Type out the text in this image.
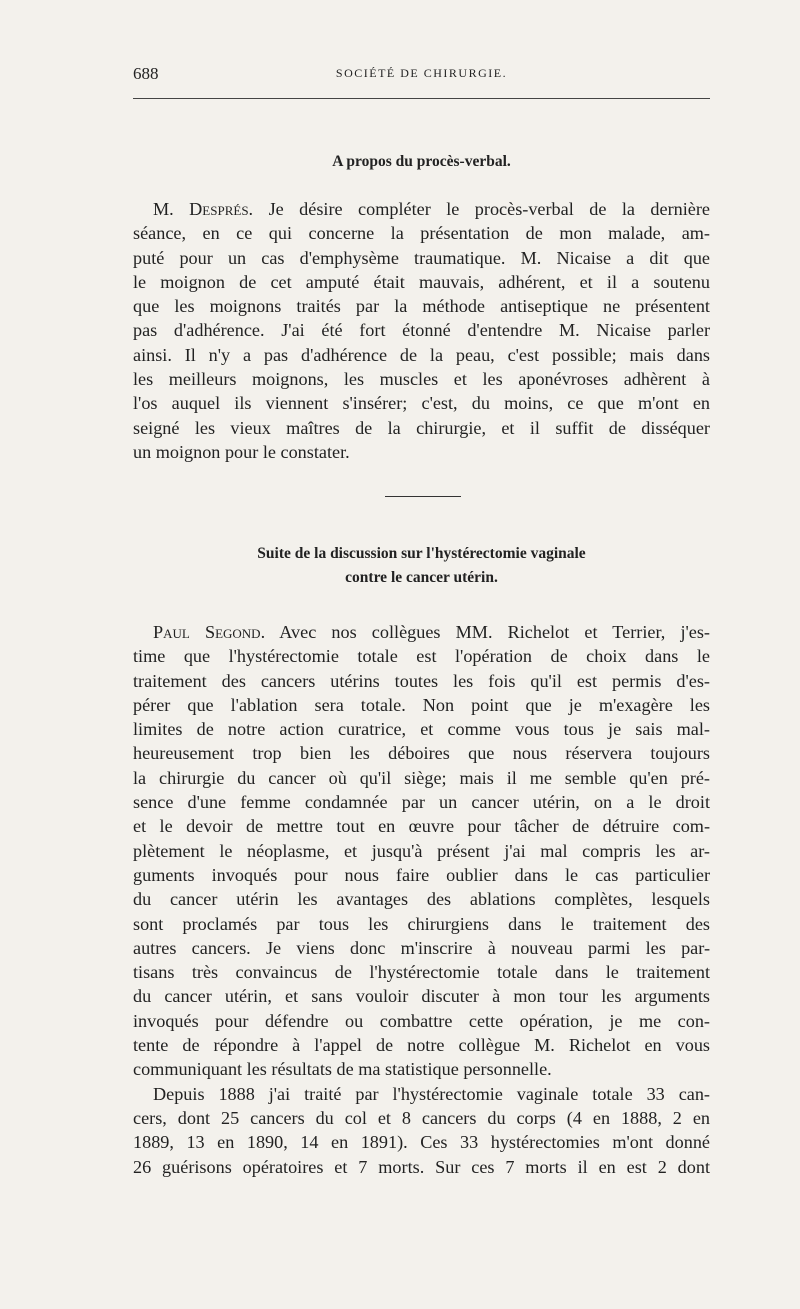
688	SOCIÉTÉ DE CHIRURGIE.
A propos du procès-verbal.
M. Després. Je désire compléter le procès-verbal de la dernière
séance, en ce qui concerne la présentation de mon malade, am-
puté pour un cas d'emphysème traumatique. M. Nicaise a dit que
le moignon de cet amputé était mauvais, adhérent, et il a soutenu
que les moignons traités par la méthode antiseptique ne présentent
pas d'adhérence. J'ai été fort étonné d'entendre M. Nicaise parler
ainsi. Il n'y a pas d'adhérence de la peau, c'est possible; mais dans
les meilleurs moignons, les muscles et les aponévroses adhèrent à
l'os auquel ils viennent s'insérer; c'est, du moins, ce que m'ont en
seigné les vieux maîtres de la chirurgie, et il suffit de disséquer
un moignon pour le constater.
Suite de la discussion sur l'hystérectomie vaginale
contre le cancer utérin.
Paul Segond. Avec nos collègues MM. Richelot et Terrier, j'es-
time que l'hystérectomie totale est l'opération de choix dans le
traitement des cancers utérins toutes les fois qu'il est permis d'es-
pérer que l'ablation sera totale. Non point que je m'exagère les
limites de notre action curatrice, et comme vous tous je sais mal-
heureusement trop bien les déboires que nous réservera toujours
la chirurgie du cancer où qu'il siège; mais il me semble qu'en pré-
sence d'une femme condamnée par un cancer utérin, on a le droit
et le devoir de mettre tout en œuvre pour tâcher de détruire com-
plètement le néoplasme, et jusqu'à présent j'ai mal compris les ar-
guments invoqués pour nous faire oublier dans le cas particulier
du cancer utérin les avantages des ablations complètes, lesquels
sont proclamés par tous les chirurgiens dans le traitement des
autres cancers. Je viens donc m'inscrire à nouveau parmi les par-
tisans très convaincus de l'hystérectomie totale dans le traitement
du cancer utérin, et sans vouloir discuter à mon tour les arguments
invoqués pour défendre ou combattre cette opération, je me con-
tente de répondre à l'appel de notre collègue M. Richelot en vous
communiquant les résultats de ma statistique personnelle.
Depuis 1888 j'ai traité par l'hystérectomie vaginale totale 33 can-
cers, dont 25 cancers du col et 8 cancers du corps (4 en 1888, 2 en
1889, 13 en 1890, 14 en 1891). Ces 33 hystérectomies m'ont donné
26 guérisons opératoires et 7 morts. Sur ces 7 morts il en est 2 dont
